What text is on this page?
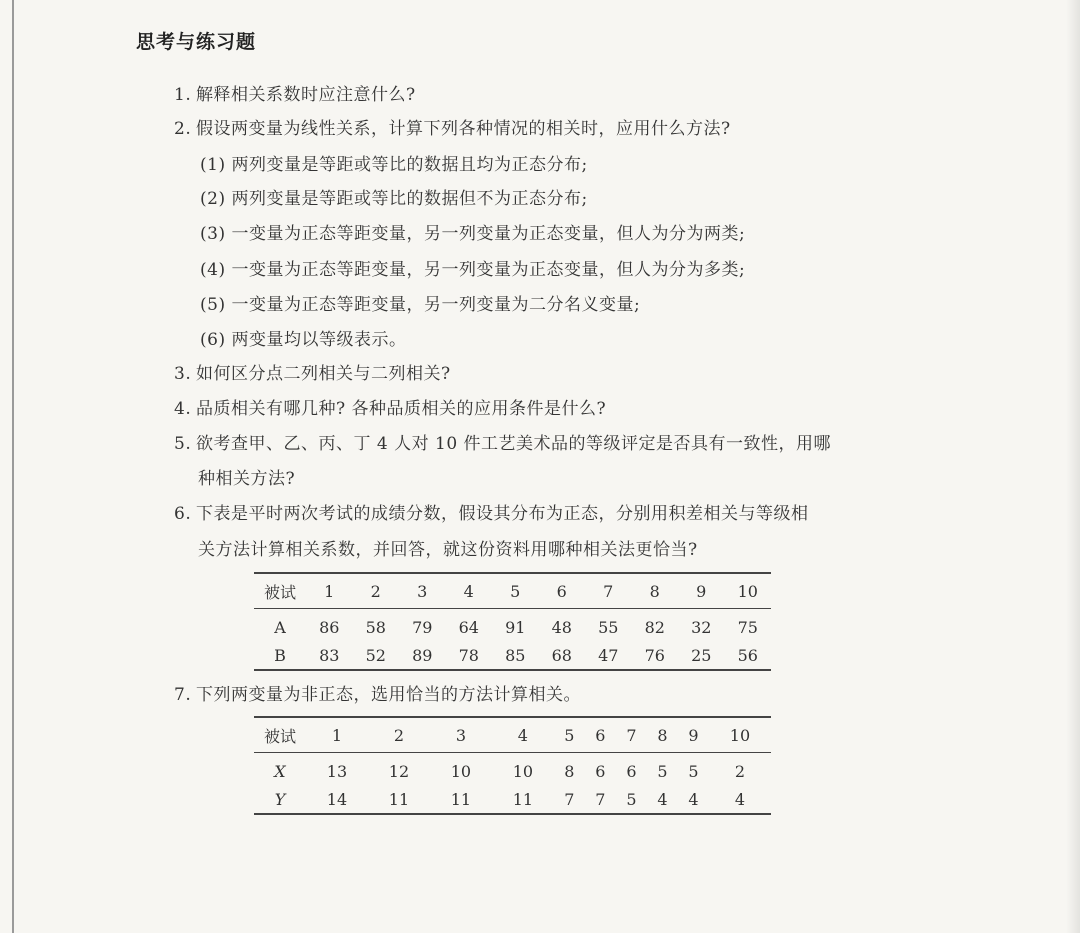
思考与练习题
1. 解释相关系数时应注意什么?
2. 假设两变量为线性关系，计算下列各种情况的相关时，应用什么方法?
(1) 两列变量是等距或等比的数据且均为正态分布;
(2) 两列变量是等距或等比的数据但不为正态分布;
(3) 一变量为正态等距变量，另一列变量为正态变量，但人为分为两类;
(4) 一变量为正态等距变量，另一列变量为正态变量，但人为分为多类;
(5) 一变量为正态等距变量，另一列变量为二分名义变量;
(6) 两变量均以等级表示。
3. 如何区分点二列相关与二列相关?
4. 品质相关有哪几种? 各种品质相关的应用条件是什么?
5. 欲考查甲、乙、丙、丁 4 人对 10 件工艺美术品的等级评定是否具有一致性，用哪
种相关方法?
6. 下表是平时两次考试的成绩分数，假设其分布为正态，分别用积差相关与等级相
关方法计算相关系数，并回答，就这份资料用哪种相关法更恰当?
被试	1	2	3	4	5	6	7	8	9	10
A	86	58	79	64	91	48	55	82	32	75
B	83	52	89	78	85	68	47	76	25	56
7. 下列两变量为非正态，选用恰当的方法计算相关。
被试	1	2	3	4	5	6	7	8	9	10
X	13	12	10	10	8	6	6	5	5	2
Y	14	11	11	11	7	7	5	4	4	4
